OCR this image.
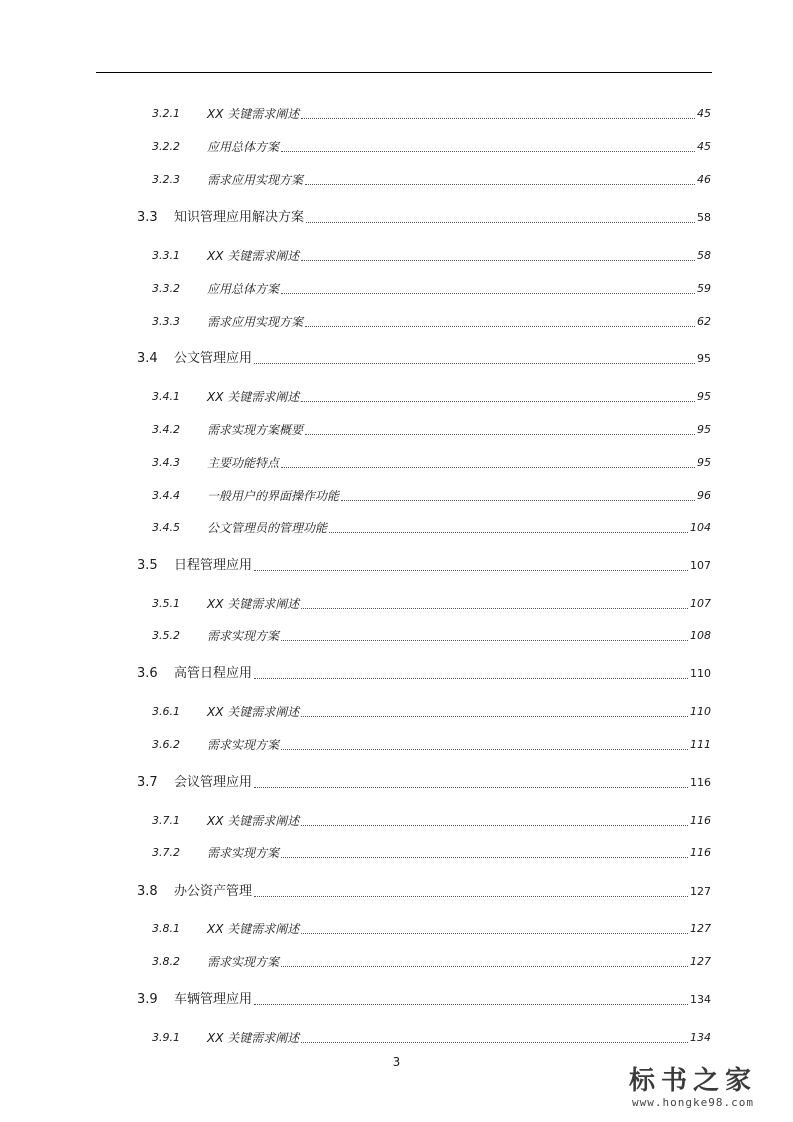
3.2.1 XX 关键需求阐述	45
3.2.2 应用总体方案	45
3.2.3 需求应用实现方案	46
3.3 知识管理应用解决方案	58
3.3.1 XX 关键需求阐述	58
3.3.2 应用总体方案	59
3.3.3 需求应用实现方案	62
3.4 公文管理应用	95
3.4.1 XX 关键需求阐述	95
3.4.2 需求实现方案概要	95
3.4.3 主要功能特点	95
3.4.4 一般用户的界面操作功能	96
3.4.5 公文管理员的管理功能	104
3.5 日程管理应用	107
3.5.1 XX 关键需求阐述	107
3.5.2 需求实现方案	108
3.6 高管日程应用	110
3.6.1 XX 关键需求阐述	110
3.6.2 需求实现方案	111
3.7 会议管理应用	116
3.7.1 XX 关键需求阐述	116
3.7.2 需求实现方案	116
3.8 办公资产管理	127
3.8.1 XX 关键需求阐述	127
3.8.2 需求实现方案	127
3.9 车辆管理应用	134
3.9.1 XX 关键需求阐述	134
3
标书之家
www.hongke98.com
